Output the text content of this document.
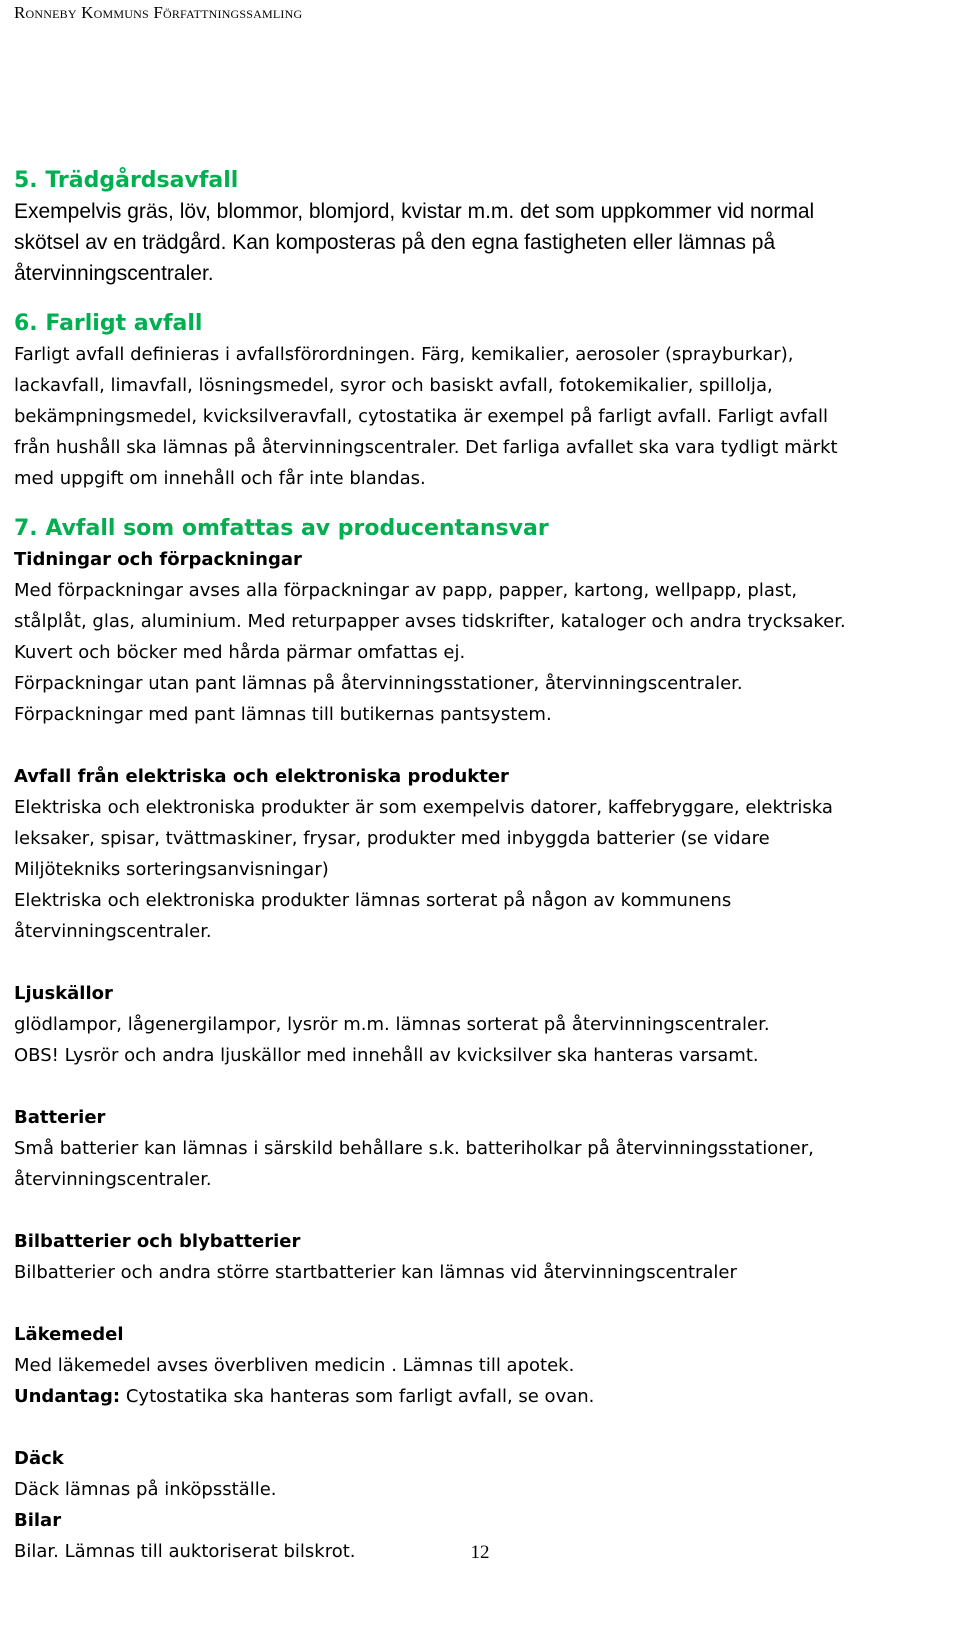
Ronneby Kommuns Författningssamling
5. Trädgårdsavfall

Exempelvis gräs, löv, blommor, blomjord, kvistar m.m. det som uppkommer vid normal
skötsel av en trädgård. Kan komposteras på den egna fastigheten eller lämnas på
återvinningscentraler.

6. Farligt avfall

Farligt avfall definieras i avfallsförordningen. Färg, kemikalier, aerosoler (sprayburkar),
lackavfall, limavfall, lösningsmedel, syror och basiskt avfall, fotokemikalier, spillolja,
bekämpningsmedel, kvicksilveravfall, cytostatika är exempel på farligt avfall. Farligt avfall
från hushåll ska lämnas på återvinningscentraler. Det farliga avfallet ska vara tydligt märkt
med uppgift om innehåll och får inte blandas.

7. Avfall som omfattas av producentansvar
Tidningar och förpackningar

Med förpackningar avses alla förpackningar av papp, papper, kartong, wellpapp, plast,
stålplåt, glas, aluminium. Med returpapper avses tidskrifter, kataloger och andra trycksaker.
Kuvert och böcker med hårda pärmar omfattas ej.
Förpackningar utan pant lämnas på återvinningsstationer, återvinningscentraler.
Förpackningar med pant lämnas till butikernas pantsystem.

Avfall från elektriska och elektroniska produkter

Elektriska och elektroniska produkter är som exempelvis datorer, kaffebryggare, elektriska
leksaker, spisar, tvättmaskiner, frysar, produkter med inbyggda batterier (se vidare
Miljötekniks sorteringsanvisningar)
Elektriska och elektroniska produkter lämnas sorterat på någon av kommunens
återvinningscentraler.

Ljuskällor

glödlampor, lågenergilampor, lysrör m.m. lämnas sorterat på återvinningscentraler.
OBS! Lysrör och andra ljuskällor med innehåll av kvicksilver ska hanteras varsamt.

Batterier

Små batterier kan lämnas i särskild behållare s.k. batteriholkar på återvinningsstationer,
återvinningscentraler.

Bilbatterier och blybatterier

Bilbatterier och andra större startbatterier kan lämnas vid återvinningscentraler

Läkemedel

Med läkemedel avses överbliven medicin . Lämnas till apotek.
Undantag: Cytostatika ska hanteras som farligt avfall, se ovan.

Däck

Däck lämnas på inköpsställe.

Bilar

Bilar. Lämnas till auktoriserat bilskrot.	12
